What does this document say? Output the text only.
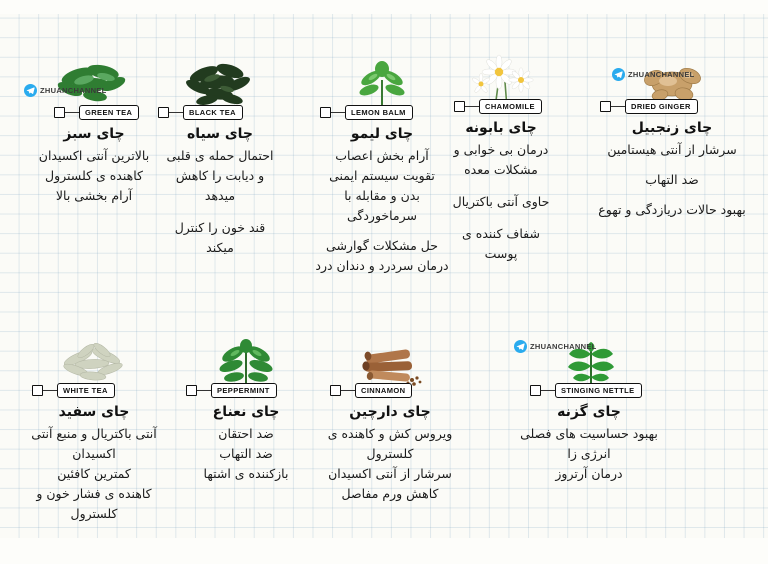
ZHUANCHANNEL
GREEN TEA
چای سبز
بالاترین آنتی اکسیدان
کاهنده ی کلسترول
آرام بخشی بالا
BLACK TEA
چای سیاه
احتمال حمله ی قلبی
و دیابت را کاهش
میدهد
قند خون را کنترل
میکند
LEMON BALM
چای لیمو
آرام بخش اعصاب
تقویت سیستم ایمنی
بدن و مقابله با
سرماخوردگی
حل مشکلات گوارشی
درمان سردرد و دندان درد
CHAMOMILE
چای بابونه
درمان بی خوابی و
مشکلات معده
حاوی آنتی باکتریال
شفاف کننده ی
پوست
ZHUANCHANNEL
DRIED GINGER
چای زنجبیل
سرشار از آنتی هیستامین
ضد التهاب
بهبود حالات دریازدگی و تهوع
WHITE TEA
چای سفید
آنتی باکتریال و منبع آنتی
اکسیدان
کمترین کافئین
کاهنده ی فشار خون و
کلسترول
PEPPERMINT
چای نعناع
ضد احتقان
ضد التهاب
بازکننده ی اشتها
CINNAMON
چای دارچین
ویروس کش و کاهنده ی
کلسترول
سرشار از آنتی اکسیدان
کاهش ورم مفاصل
ZHUANCHANNEL
STINGING NETTLE
چای گزنه
بهبود حساسیت های فصلی
انرژی زا
درمان آرتروز
